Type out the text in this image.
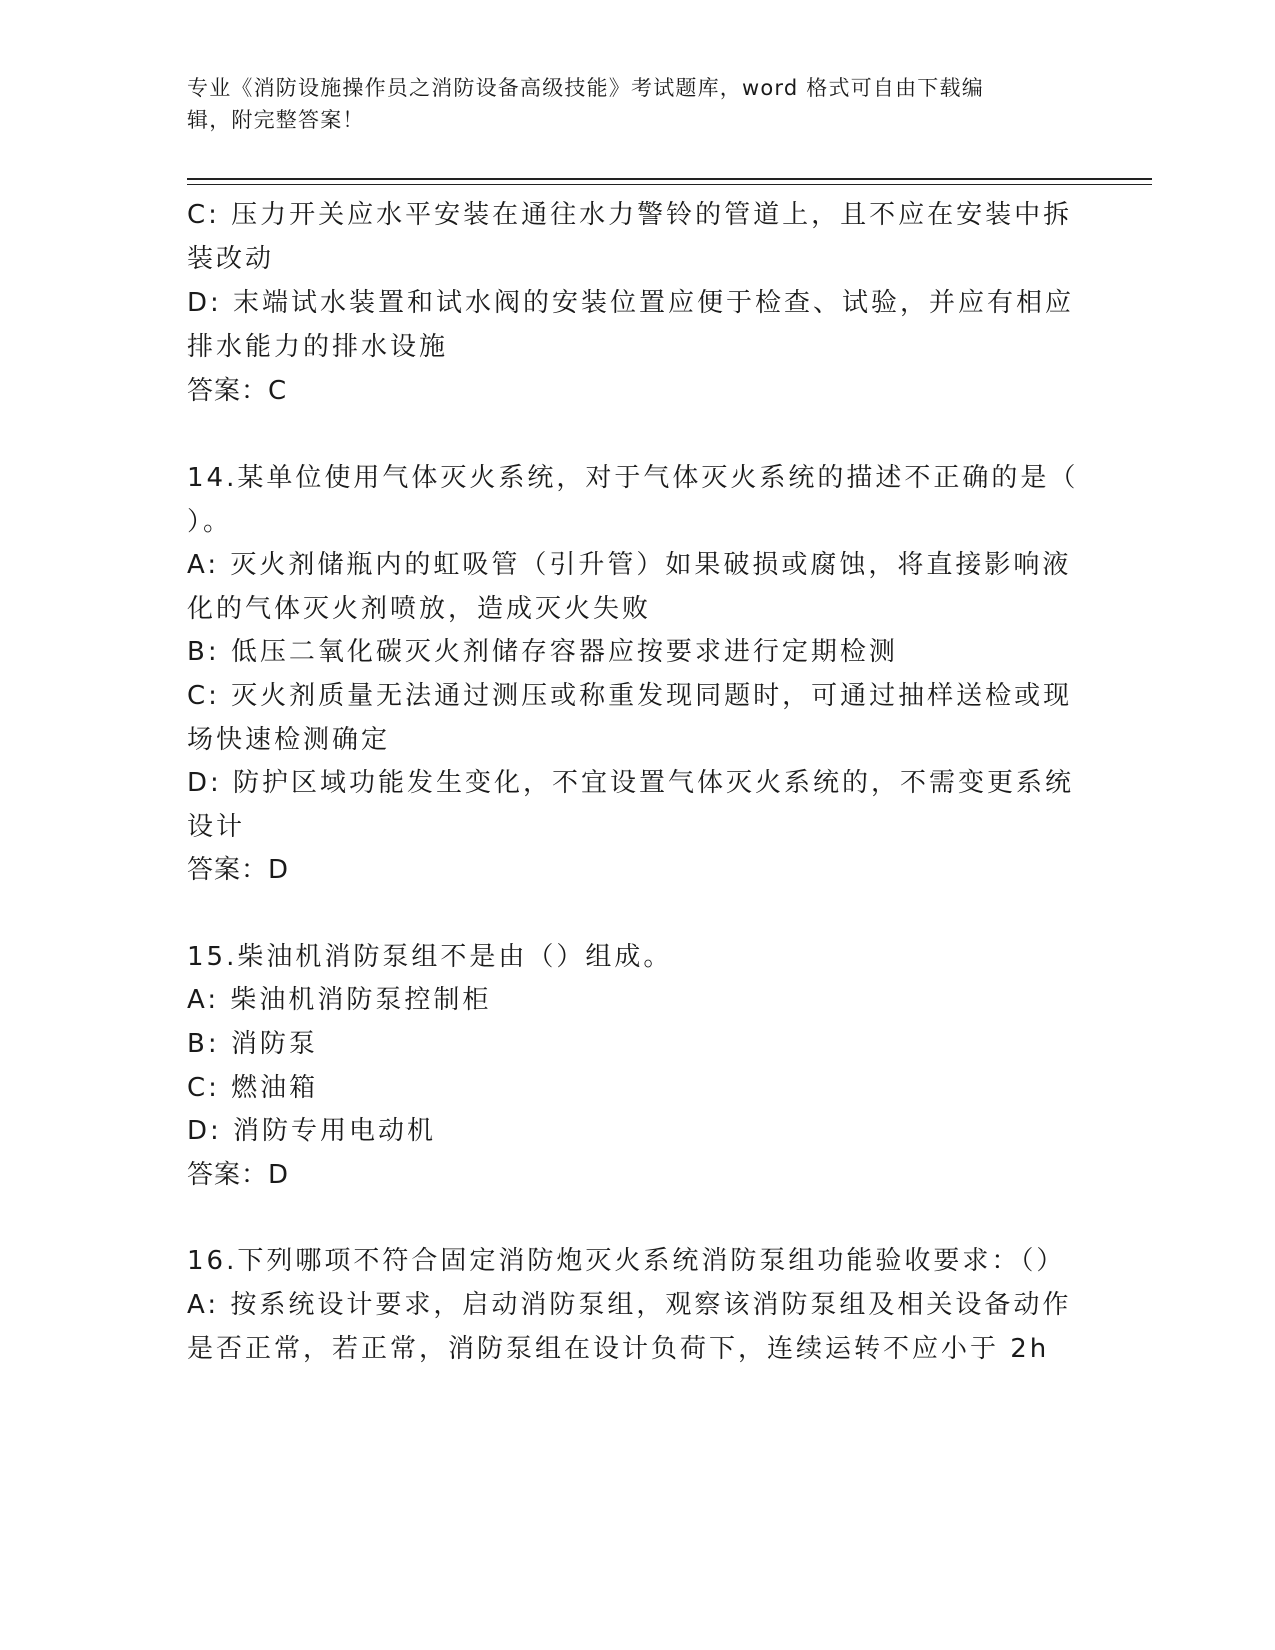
专业《消防设施操作员之消防设备高级技能》考试题库，word 格式可自由下载编
辑，附完整答案！
C: 压力开关应水平安装在通往水力警铃的管道上，且不应在安装中拆
装改动
D: 末端试水装置和试水阀的安装位置应便于检查、试验，并应有相应
排水能力的排水设施
答案：C
14.某单位使用气体灭火系统，对于气体灭火系统的描述不正确的是（
）。
A: 灭火剂储瓶内的虹吸管（引升管）如果破损或腐蚀，将直接影响液
化的气体灭火剂喷放，造成灭火失败
B: 低压二氧化碳灭火剂储存容器应按要求进行定期检测
C: 灭火剂质量无法通过测压或称重发现同题时，可通过抽样送检或现
场快速检测确定
D: 防护区域功能发生变化，不宜设置气体灭火系统的，不需变更系统
设计
答案：D
15.柴油机消防泵组不是由（）组成。
A: 柴油机消防泵控制柜
B: 消防泵
C: 燃油箱
D: 消防专用电动机
答案：D
16.下列哪项不符合固定消防炮灭火系统消防泵组功能验收要求：（）
A: 按系统设计要求，启动消防泵组，观察该消防泵组及相关设备动作
是否正常，若正常，消防泵组在设计负荷下，连续运转不应小于 2h
